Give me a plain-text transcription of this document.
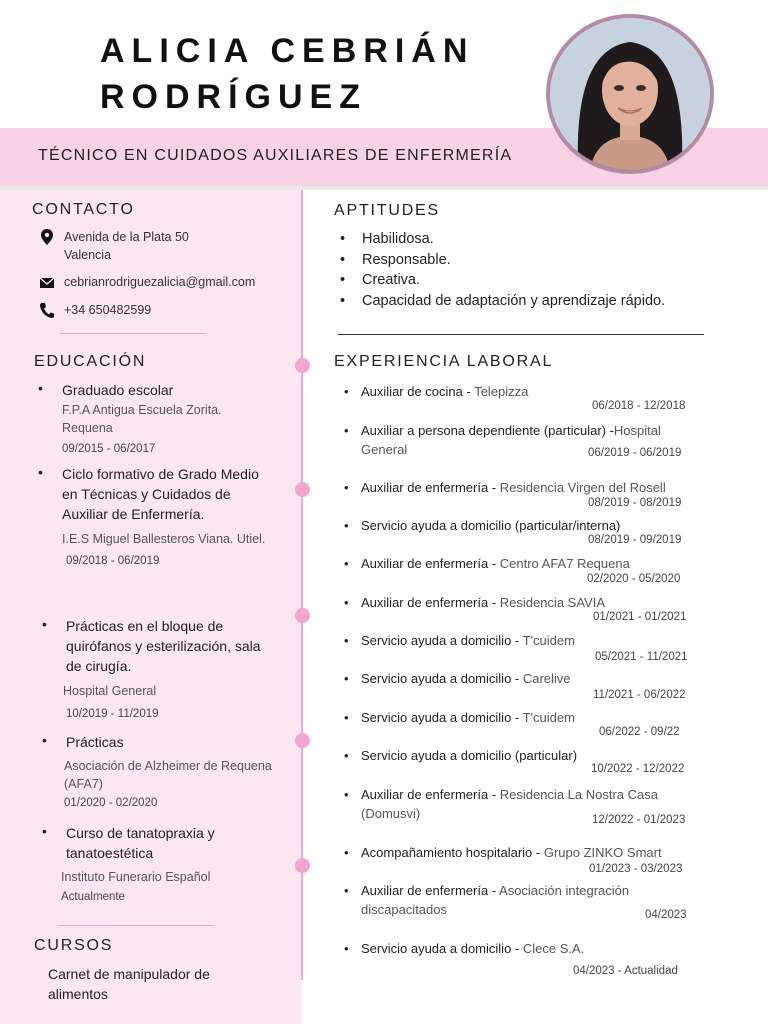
ALICIA CEBRIÁN
RODRÍGUEZ
TÉCNICO EN CUIDADOS AUXILIARES DE ENFERMERÍA
CONTACTO
Avenida de la Plata 50
Valencia
cebrianrodriguezalicia@gmail.com
+34 650482599
EDUCACIÓN
•	Graduado escolar
F.P.A Antigua Escuela Zorita. Requena
09/2015 - 06/2017
•	Ciclo formativo de Grado Medio en Técnicas y Cuidados de Auxiliar de Enfermería.
I.E.S Miguel Ballesteros Viana. Utiel.
09/2018 - 06/2019
•	Prácticas en el bloque de quirófanos y esterilización, sala de cirugía.
Hospital General
10/2019 - 11/2019
•	Prácticas
Asociación de Alzheimer de Requena (AFA7)
01/2020 - 02/2020
•	Curso de tanatopraxia y tanatoestética
Instituto Funerario Español
Actualmente
CURSOS
Carnet de manipulador de alimentos
APTITUDES
•	Habilidosa.
•	Responsable.
•	Creativa.
•	Capacidad de adaptación y aprendizaje rápido.
EXPERIENCIA LABORAL
• Auxiliar de cocina - Telepizza
06/2018 - 12/2018
• Auxiliar a persona dependiente (particular) -Hospital General	06/2019 - 06/2019
• Auxiliar de enfermería - Residencia Virgen del Rosell
08/2019 - 08/2019
• Servicio ayuda a domicilio (particular/interna)
08/2019 - 09/2019
• Auxiliar de enfermería - Centro AFA7 Requena
02/2020 - 05/2020
• Auxiliar de enfermería - Residencia SAVIA
01/2021 - 01/2021
• Servicio ayuda a domicilio - T'cuidem
05/2021 - 11/2021
• Servicio ayuda a domicilio - Carelive
11/2021 - 06/2022
• Servicio ayuda a domicilio - T'cuidem
06/2022 - 09/22
• Servicio ayuda a domicilio (particular)
10/2022 - 12/2022
• Auxiliar de enfermería - Residencia La Nostra Casa (Domusvi)	12/2022 - 01/2023
• Acompañamiento hospitalario - Grupo ZINKO Smart
01/2023 - 03/2023
• Auxiliar de enfermería - Asociación integración discapacitados	04/2023
• Servicio ayuda a domicilio - Clece S.A.
04/2023 - Actualidad
